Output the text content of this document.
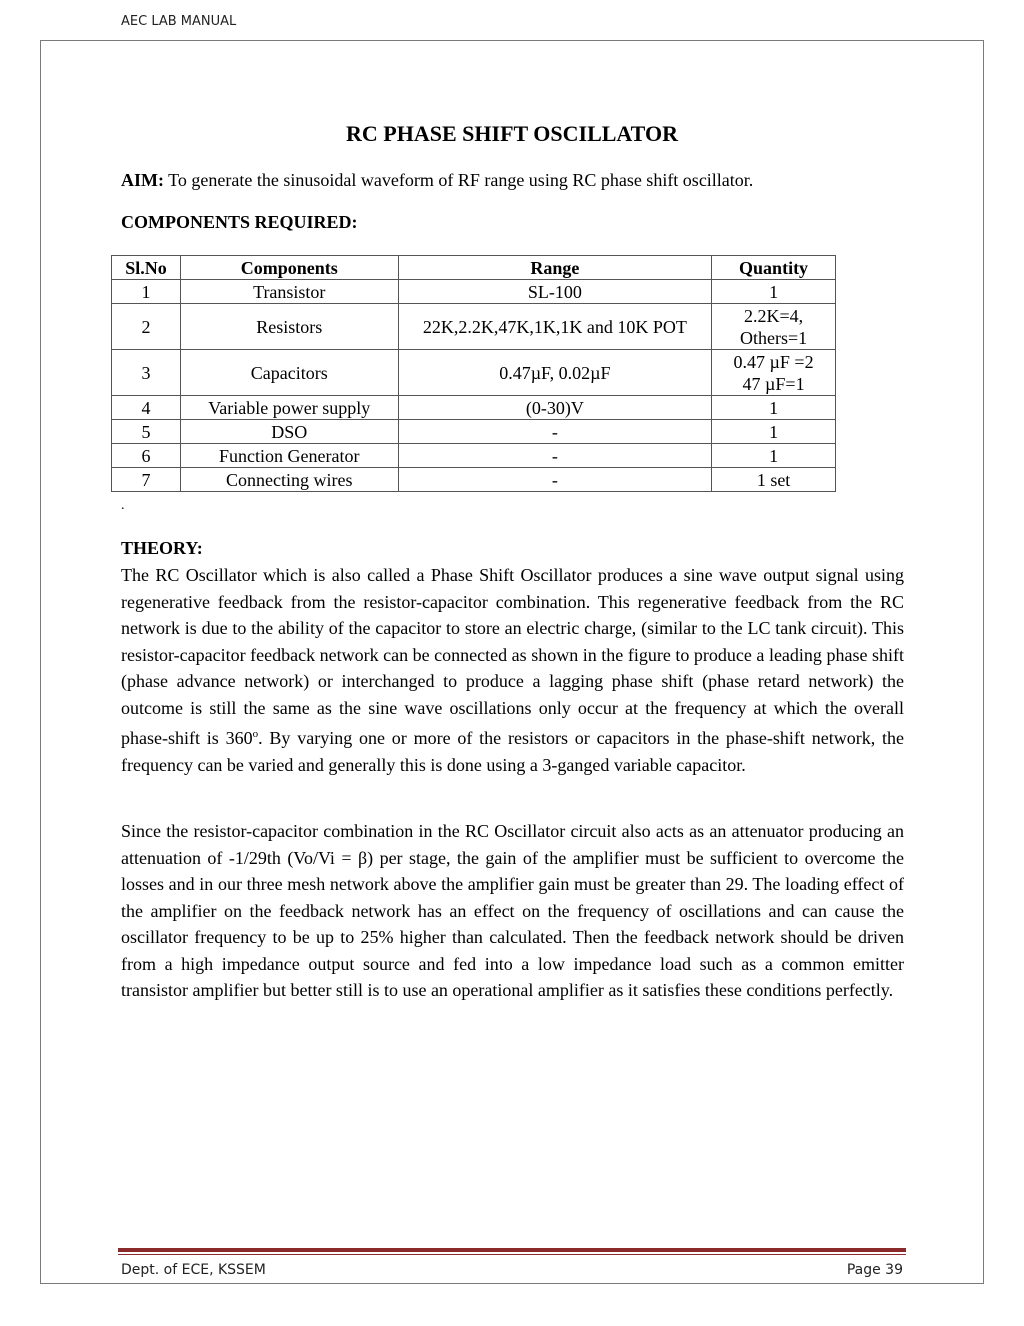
AEC LAB MANUAL
RC PHASE SHIFT OSCILLATOR
AIM: To generate the sinusoidal waveform of RF range using RC phase shift oscillator.
COMPONENTS REQUIRED:
Sl.No	Components	Range	Quantity
1	Transistor	SL-100	1
2	Resistors	22K,2.2K,47K,1K,1K and 10K POT	2.2K=4,
Others=1

3	Capacitors	0.47µF, 0.02µF	0.47 µF =2
47 µF=1

4	Variable power supply	(0-30)V	1
5	DSO	-	1
6	Function Generator	-	1
7	Connecting wires	-	1 set
.
THEORY:

The RC Oscillator which is also called a Phase Shift Oscillator produces a sine wave output signal using regenerative feedback from the resistor-capacitor combination. This regenerative feedback from the RC network is due to the ability of the capacitor to store an electric charge, (similar to the LC tank circuit). This resistor-capacitor feedback network can be connected as shown in the figure to produce a leading phase shift (phase advance network) or interchanged to produce a lagging phase shift (phase retard network) the outcome is still the same as the sine wave oscillations only occur at the frequency at which the overall phase-shift is 360$^o$. By varying one or more of the resistors or capacitors in the phase-shift network, the frequency can be varied and generally this is done using a 3-ganged variable capacitor.

Since the resistor-capacitor combination in the RC Oscillator circuit also acts as an attenuator producing an attenuation of -1/29th (Vo/Vi = β) per stage, the gain of the amplifier must be sufficient to overcome the losses and in our three mesh network above the amplifier gain must be greater than 29. The loading effect of the amplifier on the feedback network has an effect on the frequency of oscillations and can cause the oscillator frequency to be up to 25% higher than calculated. Then the feedback network should be driven from a high impedance output source and fed into a low impedance load such as a common emitter transistor amplifier but better still is to use an operational amplifier as it satisfies these conditions perfectly.

Dept. of ECE, KSSEM	Page 39
